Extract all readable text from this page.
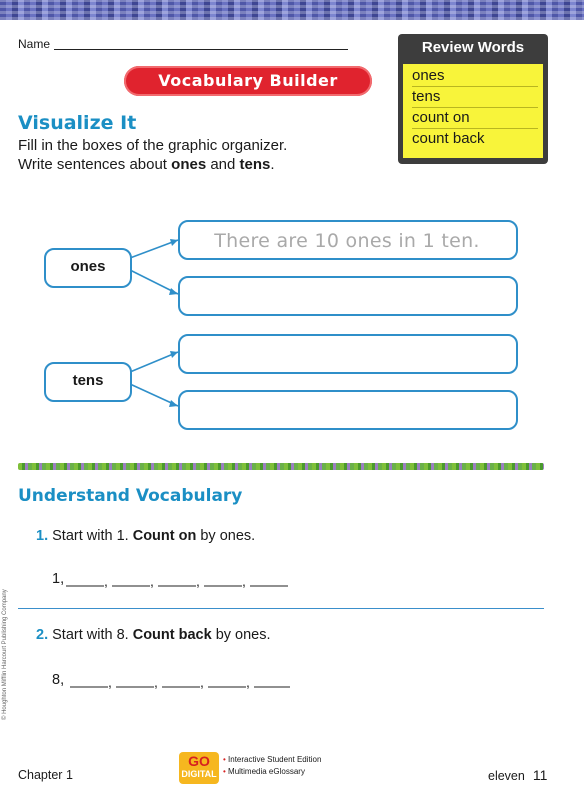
Name	Review Words
ones
tens
count on
count back
Vocabulary Builder
Visualize It
Fill in the boxes of the graphic organizer.
Write sentences about ones and tens.
ones
tens
There are 10 ones in 1 ten.
Understand Vocabulary
1. Start with 1. Count on by ones.
1,	,	,	,	,
2. Start with 8. Count back by ones.
8,	,	,	,	,
© Houghton Mifflin Harcourt Publishing Company
Chapter 1
GO
DIGITAL
• Interactive Student Edition
• Multimedia eGlossary	eleven 11
